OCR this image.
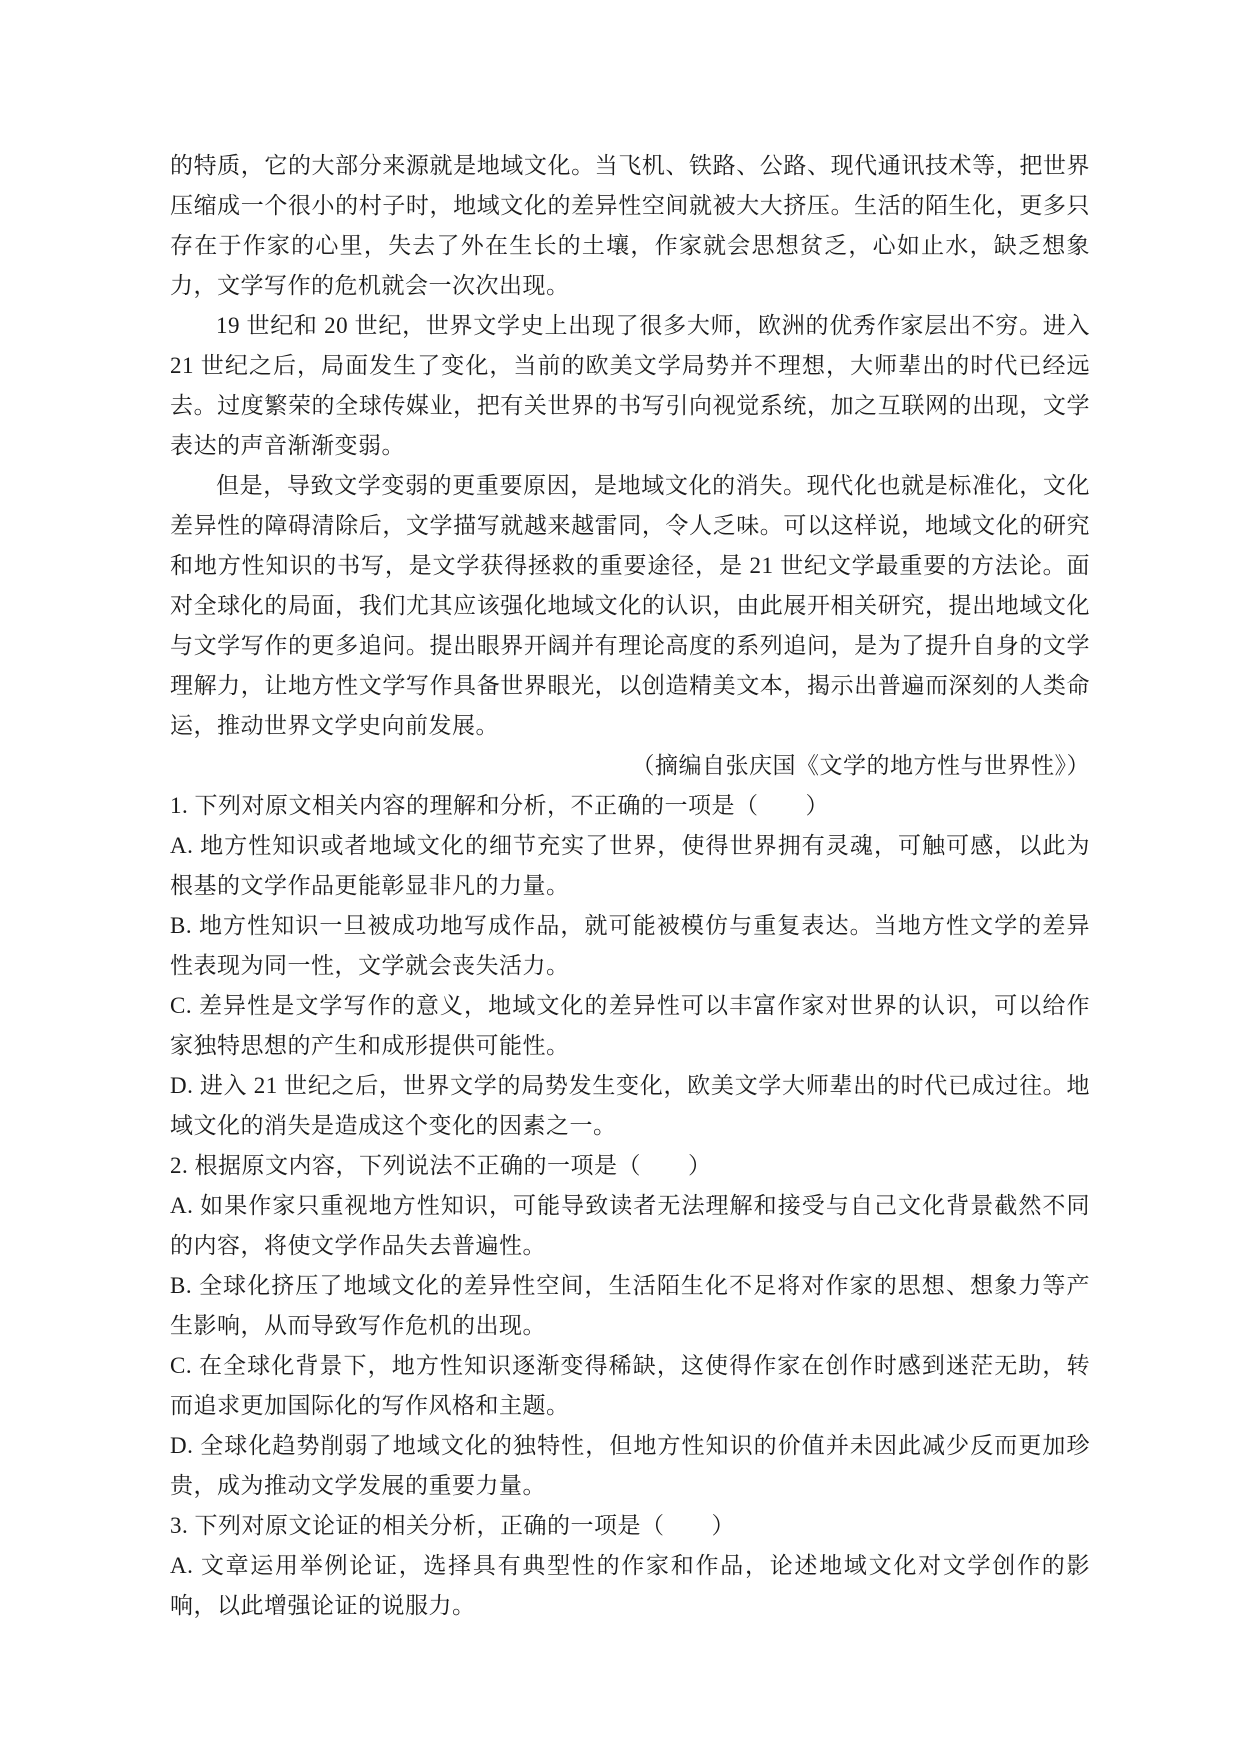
的特质，它的大部分来源就是地域文化。当飞机、铁路、公路、现代通讯技术等，把世界压缩成一个很小的村子时，地域文化的差异性空间就被大大挤压。生活的陌生化，更多只存在于作家的心里，失去了外在生长的土壤，作家就会思想贫乏，心如止水，缺乏想象力，文学写作的危机就会一次次出现。

19 世纪和 20 世纪，世界文学史上出现了很多大师，欧洲的优秀作家层出不穷。进入 21 世纪之后，局面发生了变化，当前的欧美文学局势并不理想，大师辈出的时代已经远去。过度繁荣的全球传媒业，把有关世界的书写引向视觉系统，加之互联网的出现，文学表达的声音渐渐变弱。

但是，导致文学变弱的更重要原因，是地域文化的消失。现代化也就是标准化，文化差异性的障碍清除后，文学描写就越来越雷同，令人乏味。可以这样说，地域文化的研究和地方性知识的书写，是文学获得拯救的重要途径，是 21 世纪文学最重要的方法论。面对全球化的局面，我们尤其应该强化地域文化的认识，由此展开相关研究，提出地域文化与文学写作的更多追问。提出眼界开阔并有理论高度的系列追问，是为了提升自身的文学理解力，让地方性文学写作具备世界眼光，以创造精美文本，揭示出普遍而深刻的人类命运，推动世界文学史向前发展。

（摘编自张庆国《文学的地方性与世界性》）

1. 下列对原文相关内容的理解和分析，不正确的一项是（　　）

A. 地方性知识或者地域文化的细节充实了世界，使得世界拥有灵魂，可触可感，以此为根基的文学作品更能彰显非凡的力量。

B. 地方性知识一旦被成功地写成作品，就可能被模仿与重复表达。当地方性文学的差异性表现为同一性，文学就会丧失活力。

C. 差异性是文学写作的意义，地域文化的差异性可以丰富作家对世界的认识，可以给作家独特思想的产生和成形提供可能性。

D. 进入 21 世纪之后，世界文学的局势发生变化，欧美文学大师辈出的时代已成过往。地域文化的消失是造成这个变化的因素之一。

2. 根据原文内容，下列说法不正确的一项是（　　）

A. 如果作家只重视地方性知识，可能导致读者无法理解和接受与自己文化背景截然不同的内容，将使文学作品失去普遍性。

B. 全球化挤压了地域文化的差异性空间，生活陌生化不足将对作家的思想、想象力等产生影响，从而导致写作危机的出现。

C. 在全球化背景下，地方性知识逐渐变得稀缺，这使得作家在创作时感到迷茫无助，转而追求更加国际化的写作风格和主题。

D. 全球化趋势削弱了地域文化的独特性，但地方性知识的价值并未因此减少反而更加珍贵，成为推动文学发展的重要力量。

3. 下列对原文论证的相关分析，正确的一项是（　　）

A. 文章运用举例论证，选择具有典型性的作家和作品，论述地域文化对文学创作的影响，以此增强论证的说服力。
